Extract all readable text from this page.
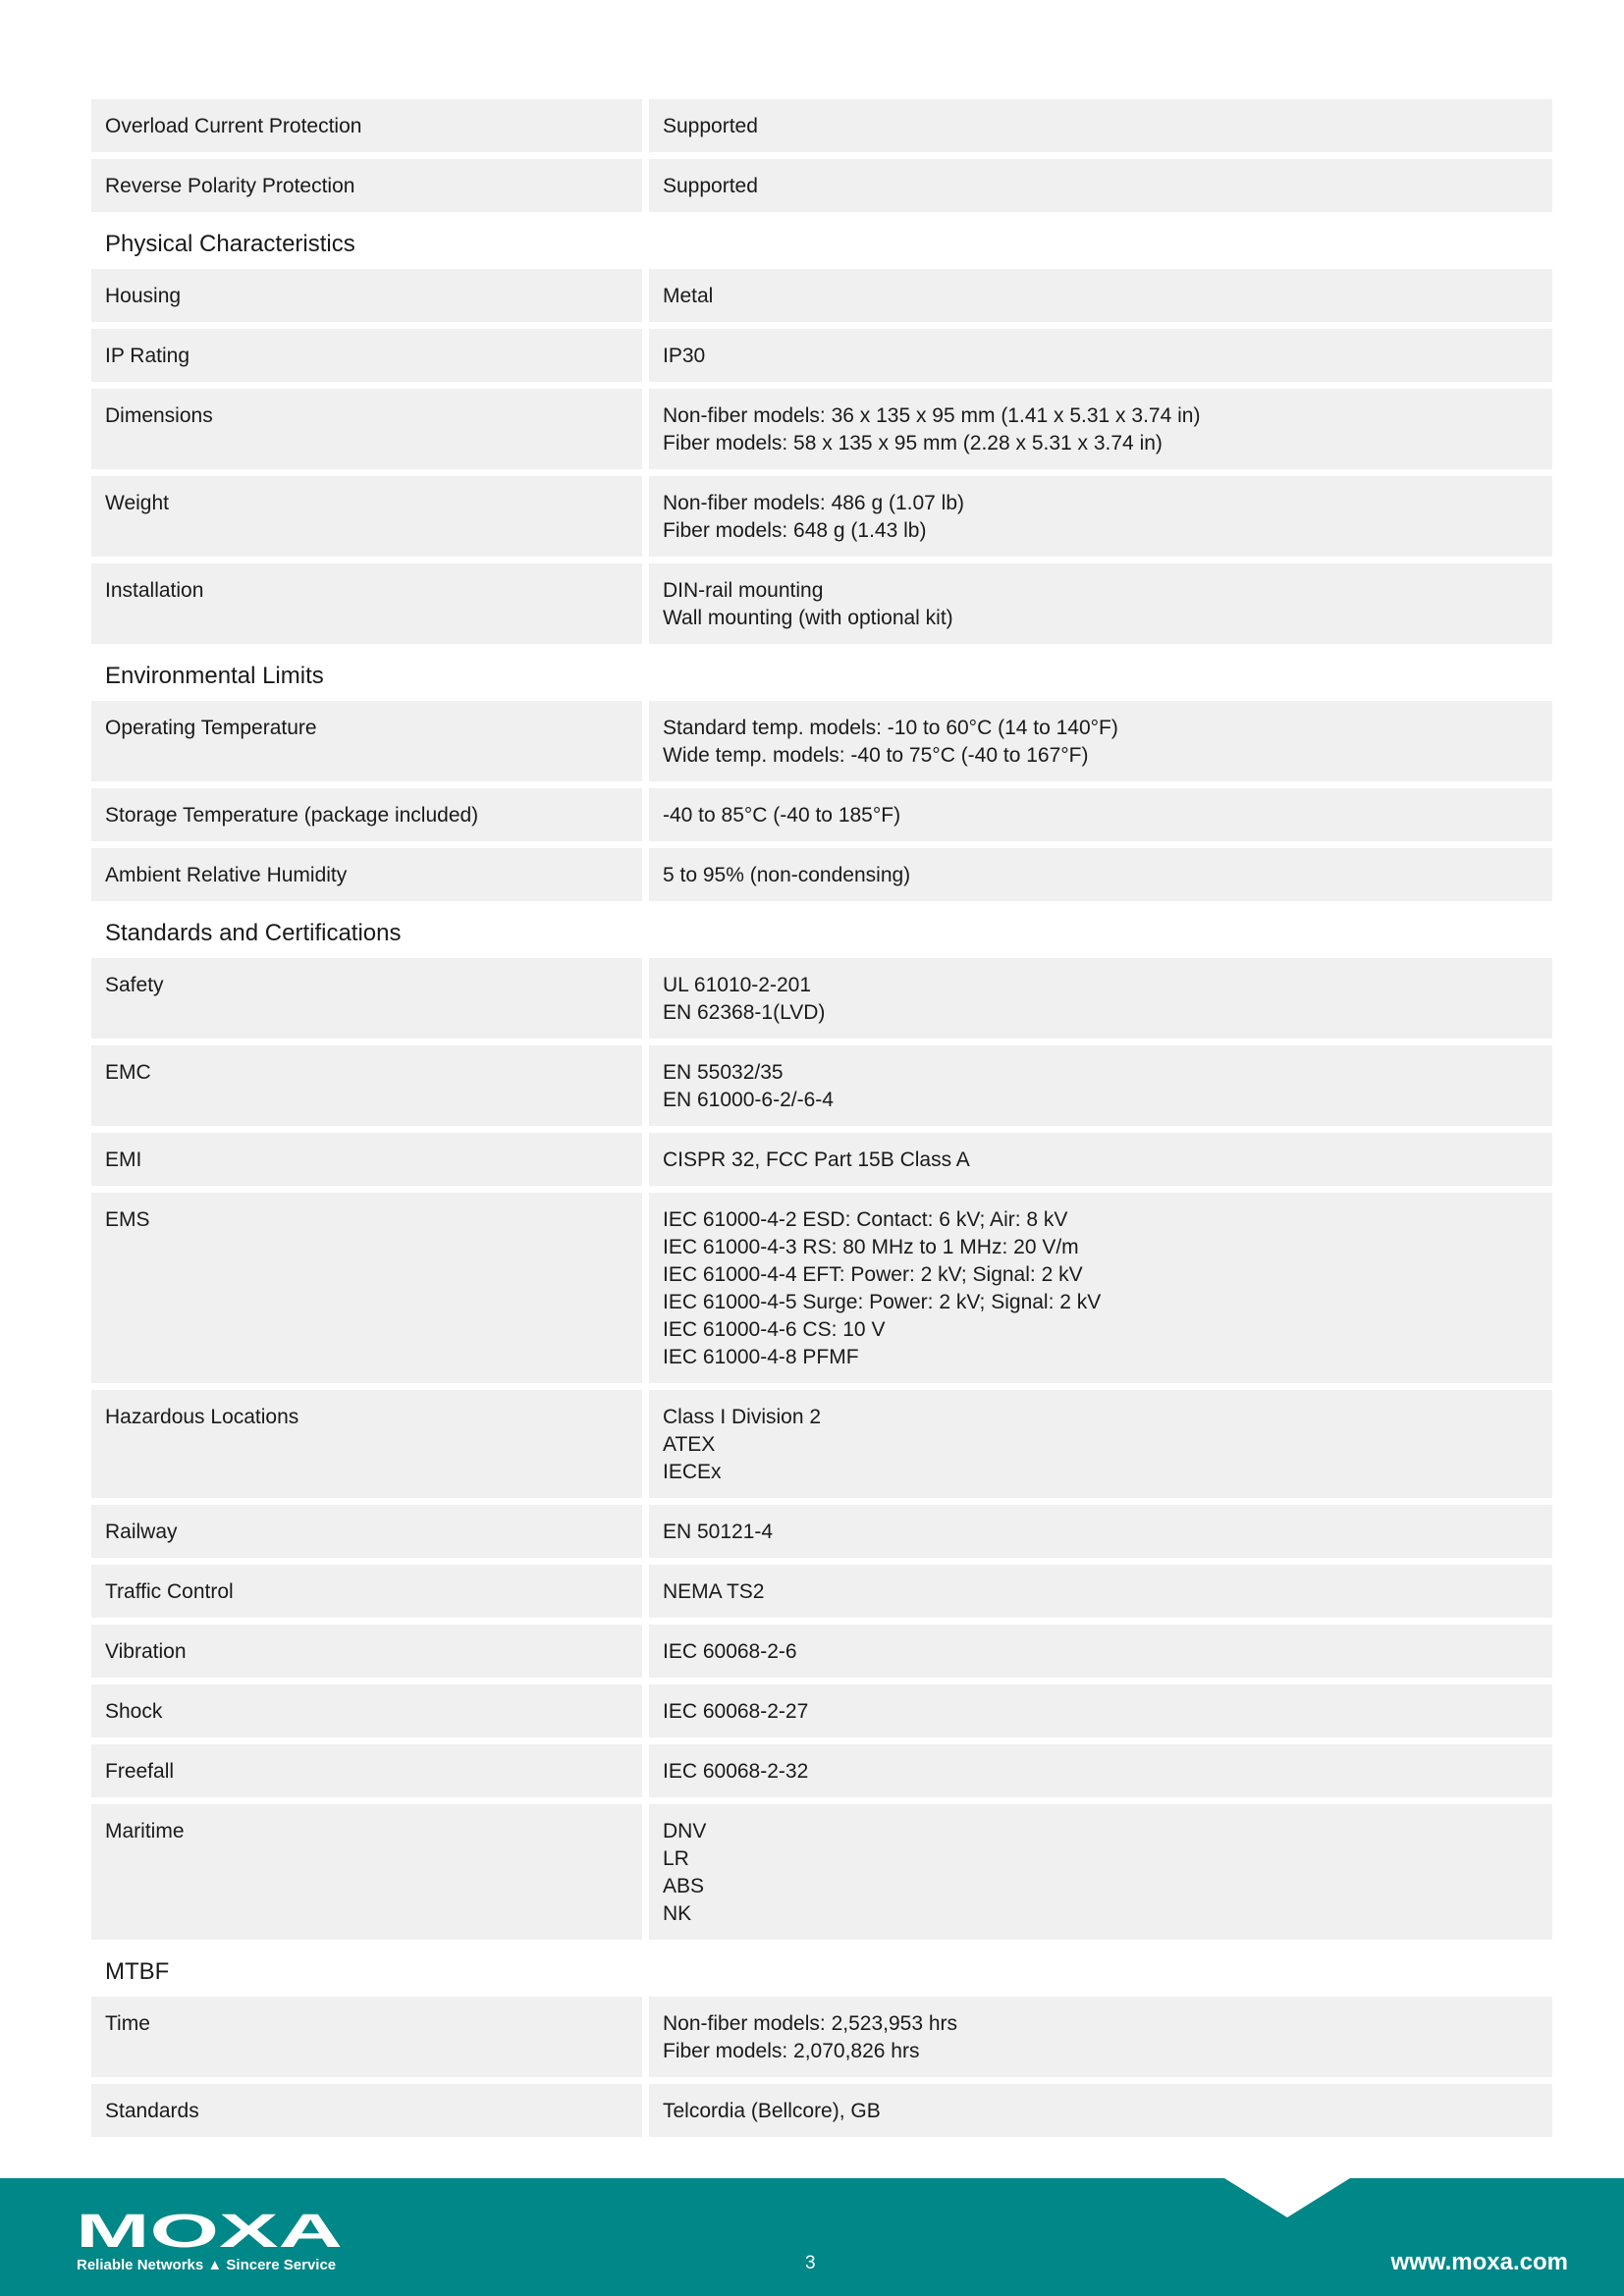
Overload Current Protection	Supported
Reverse Polarity Protection	Supported
Physical Characteristics
Housing	Metal
IP Rating	IP30
Dimensions	Non-fiber models: 36 x 135 x 95 mm (1.41 x 5.31 x 3.74 in)
Fiber models: 58 x 135 x 95 mm (2.28 x 5.31 x 3.74 in)
Weight	Non-fiber models: 486 g (1.07 lb)
Fiber models: 648 g (1.43 lb)
Installation	DIN-rail mounting
Wall mounting (with optional kit)
Environmental Limits
Operating Temperature	Standard temp. models: -10 to 60°C (14 to 140°F)
Wide temp. models: -40 to 75°C (-40 to 167°F)
Storage Temperature (package included)	-40 to 85°C (-40 to 185°F)
Ambient Relative Humidity	5 to 95% (non-condensing)
Standards and Certifications
Safety	UL 61010-2-201
EN 62368-1(LVD)
EMC	EN 55032/35
EN 61000-6-2/-6-4
EMI	CISPR 32, FCC Part 15B Class A
EMS	IEC 61000-4-2 ESD: Contact: 6 kV; Air: 8 kV
IEC 61000-4-3 RS: 80 MHz to 1 MHz: 20 V/m
IEC 61000-4-4 EFT: Power: 2 kV; Signal: 2 kV
IEC 61000-4-5 Surge: Power: 2 kV; Signal: 2 kV
IEC 61000-4-6 CS: 10 V
IEC 61000-4-8 PFMF
Hazardous Locations	Class I Division 2
ATEX
IECEx
Railway	EN 50121-4
Traffic Control	NEMA TS2
Vibration	IEC 60068-2-6
Shock	IEC 60068-2-27
Freefall	IEC 60068-2-32
Maritime	DNV
LR
ABS
NK
MTBF
Time	Non-fiber models: 2,523,953 hrs
Fiber models: 2,070,826 hrs
Standards	Telcordia (Bellcore), GB
MOXA
Reliable Networks ▲ Sincere Service	3	www.moxa.com
